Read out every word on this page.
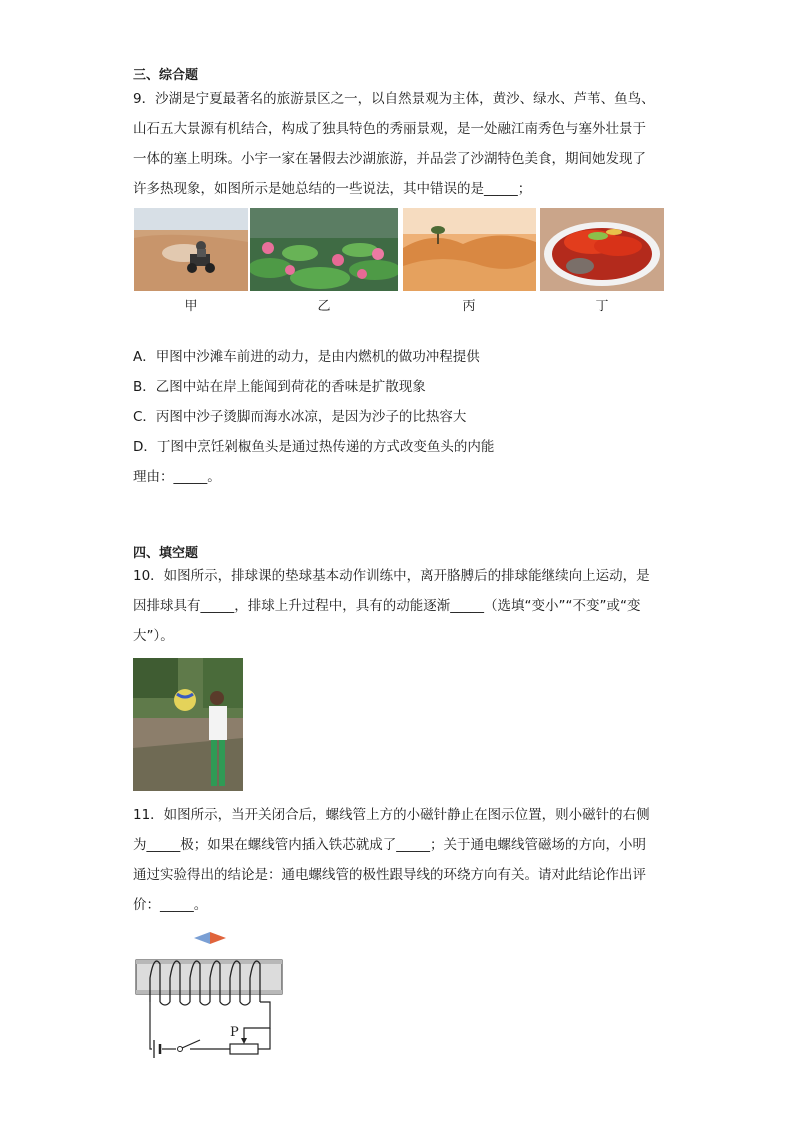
三、综合题

9．沙湖是宁夏最著名的旅游景区之一，以自然景观为主体，黄沙、绿水、芦苇、鱼鸟、

山石五大景源有机结合，构成了独具特色的秀丽景观，是一处融江南秀色与塞外壮景于

一体的塞上明珠。小宇一家在暑假去沙湖旅游，并品尝了沙湖特色美食，期间她发现了

许多热现象，如图所示是她总结的一些说法，其中错误的是_____；

甲	乙	丙	丁

A．甲图中沙滩车前进的动力，是由内燃机的做功冲程提供

B．乙图中站在岸上能闻到荷花的香味是扩散现象

C．丙图中沙子烫脚而海水冰凉，是因为沙子的比热容大

D．丁图中烹饪剁椒鱼头是通过热传递的方式改变鱼头的内能

理由：_____。

四、填空题

10．如图所示，排球课的垫球基本动作训练中，离开胳膊后的排球能继续向上运动，是

因排球具有_____，排球上升过程中，具有的动能逐渐_____（选填“变小”“不变”或“变

大”）。

11．如图所示，当开关闭合后，螺线管上方的小磁针静止在图示位置，则小磁针的右侧

为_____极；如果在螺线管内插入铁芯就成了_____；关于通电螺线管磁场的方向，小明

通过实验得出的结论是：通电螺线管的极性跟导线的环绕方向有关。请对此结论作出评

价：_____。

P
